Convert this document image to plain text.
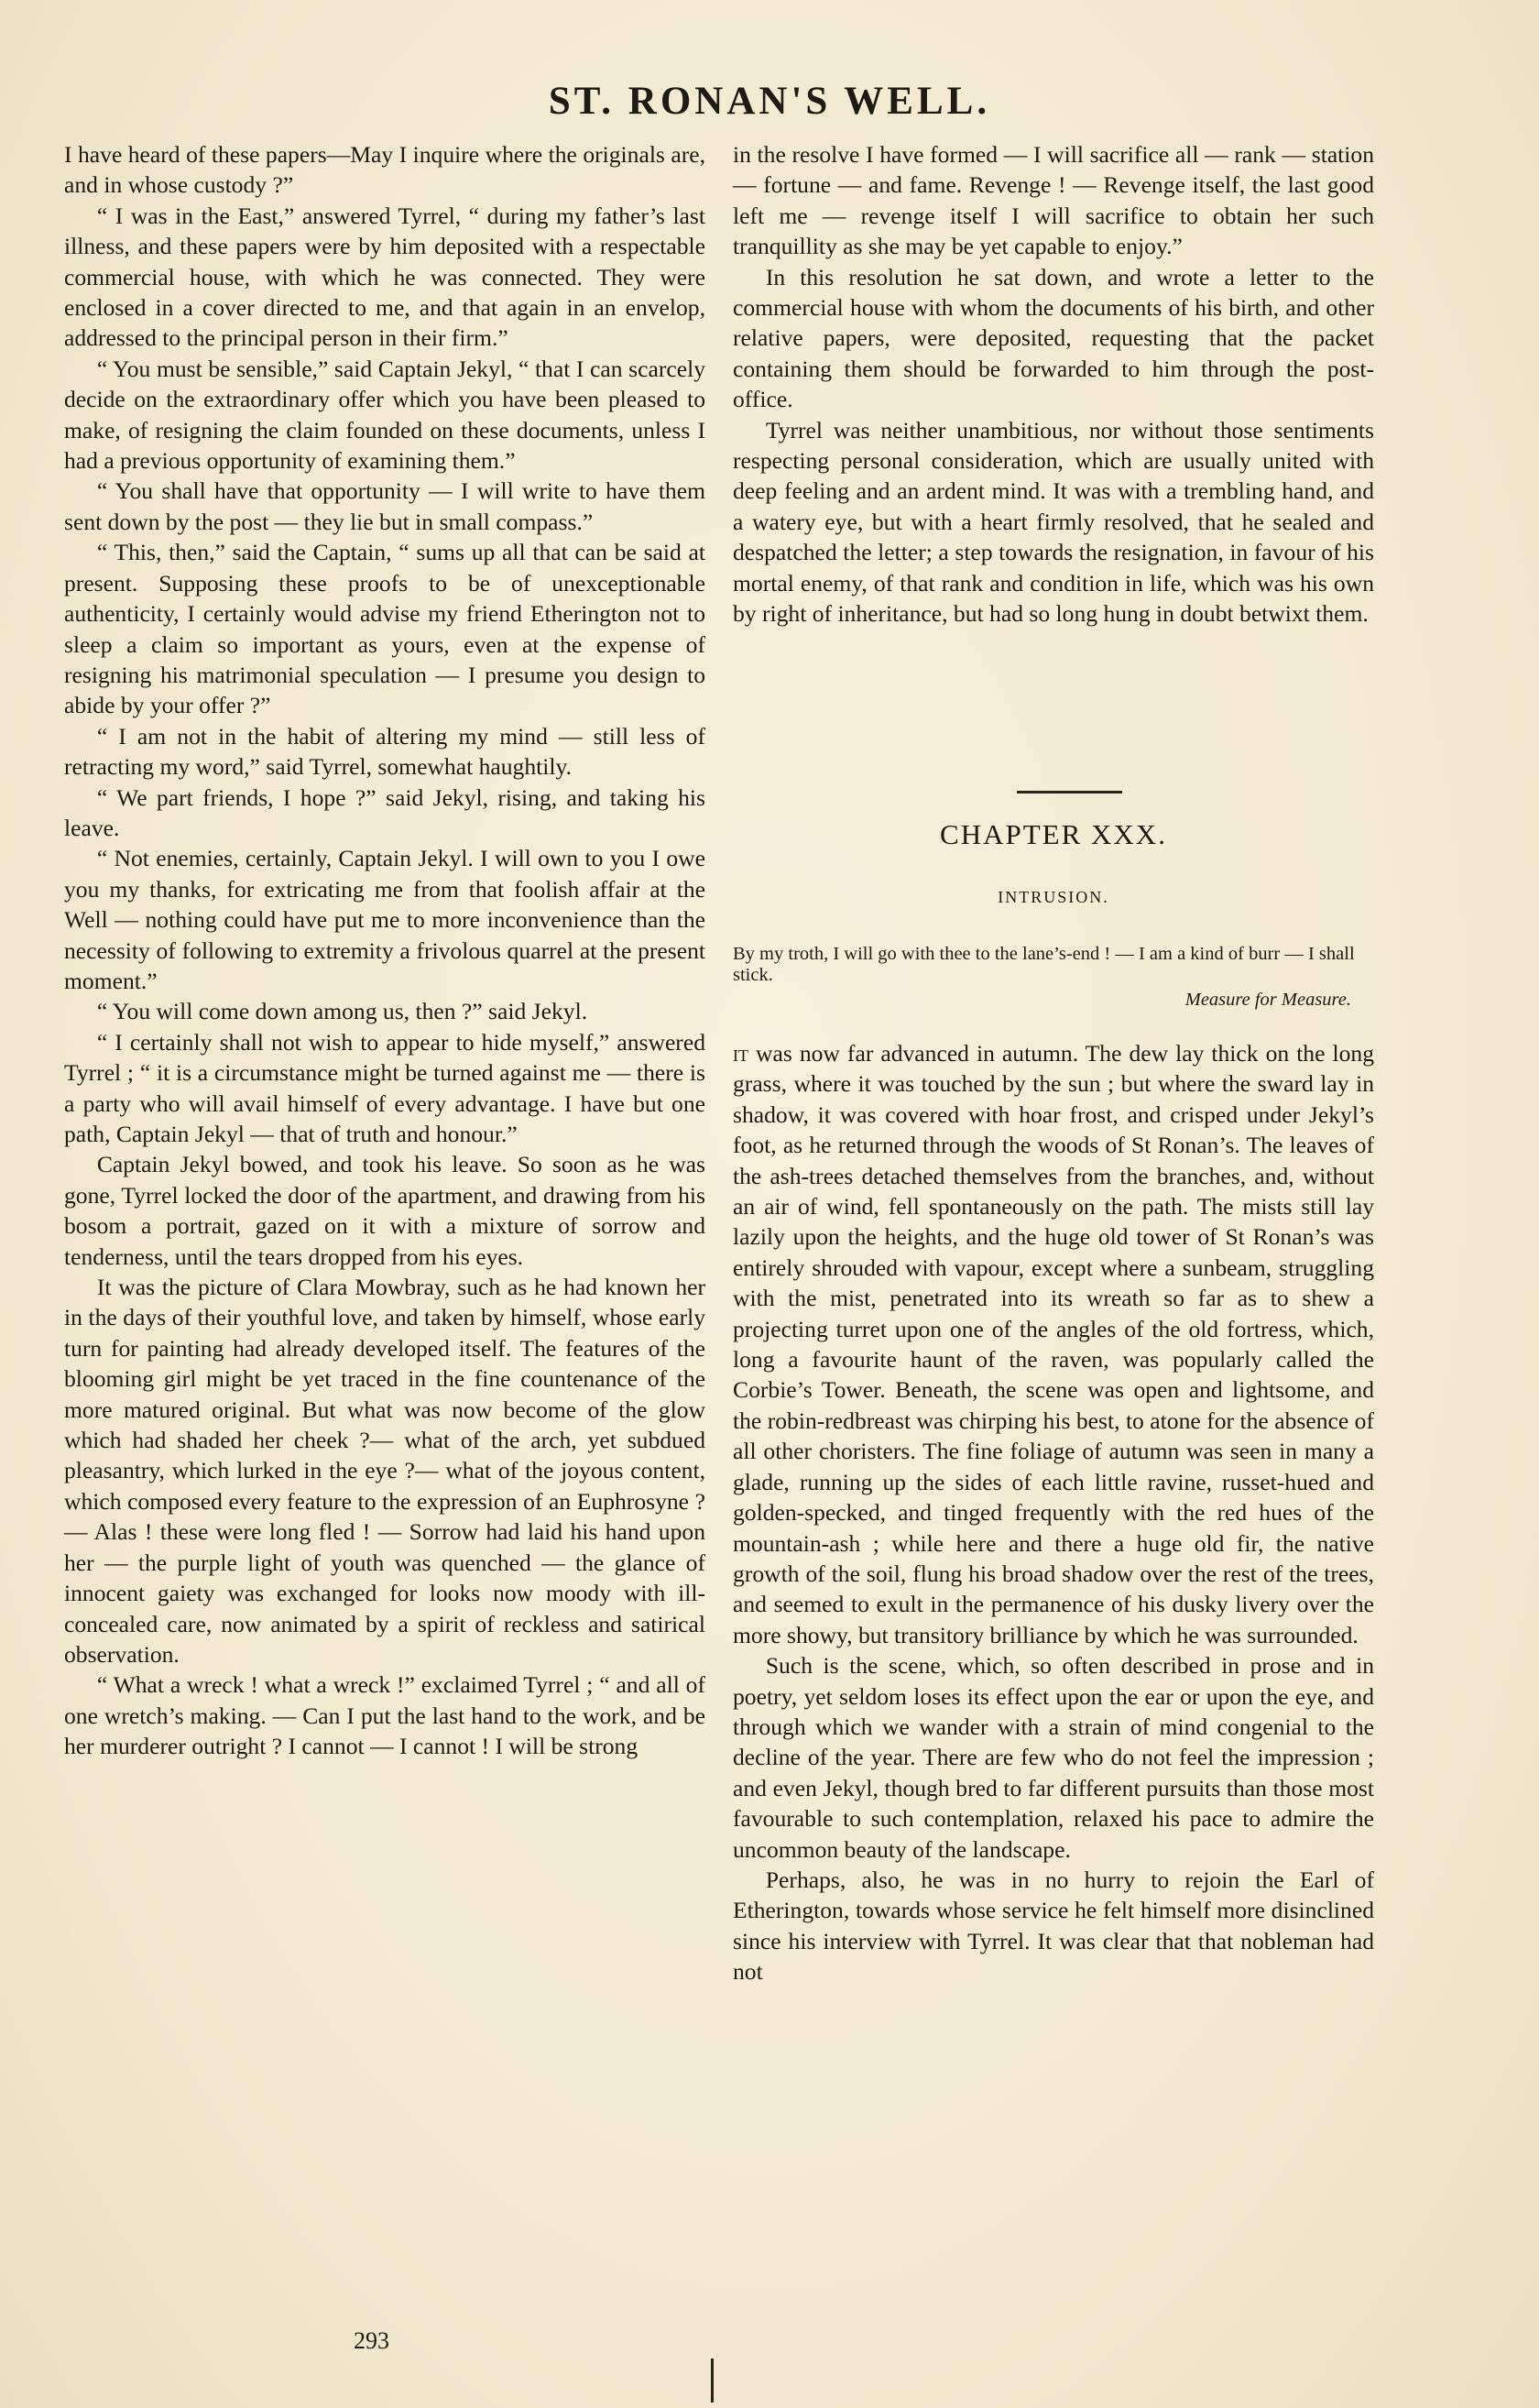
ST. RONAN'S WELL.

I have heard of these papers—May I inquire where the originals are, and in whose custody ?”

“ I was in the East,” answered Tyrrel, “ during my father’s last illness, and these papers were by him deposited with a respectable commercial house, with which he was connected. They were enclosed in a cover directed to me, and that again in an envelop, addressed to the principal person in their firm.”

“ You must be sensible,” said Captain Jekyl, “ that I can scarcely decide on the extraordinary offer which you have been pleased to make, of resigning the claim founded on these documents, unless I had a previous opportunity of examining them.”

“ You shall have that opportunity — I will write to have them sent down by the post — they lie but in small compass.”

“ This, then,” said the Captain, “ sums up all that can be said at present. Supposing these proofs to be of unexceptionable authenticity, I certainly would advise my friend Etherington not to sleep a claim so important as yours, even at the expense of resigning his matrimonial speculation — I presume you design to abide by your offer ?”

“ I am not in the habit of altering my mind — still less of retracting my word,” said Tyrrel, somewhat haughtily.

“ We part friends, I hope ?” said Jekyl, rising, and taking his leave.

“ Not enemies, certainly, Captain Jekyl. I will own to you I owe you my thanks, for extricating me from that foolish affair at the Well — nothing could have put me to more inconvenience than the necessity of following to extremity a frivolous quarrel at the present moment.”

“ You will come down among us, then ?” said Jekyl.

“ I certainly shall not wish to appear to hide myself,” answered Tyrrel ; “ it is a circumstance might be turned against me — there is a party who will avail himself of every advantage. I have but one path, Captain Jekyl — that of truth and honour.”

Captain Jekyl bowed, and took his leave. So soon as he was gone, Tyrrel locked the door of the apartment, and drawing from his bosom a portrait, gazed on it with a mixture of sorrow and tenderness, until the tears dropped from his eyes.

It was the picture of Clara Mowbray, such as he had known her in the days of their youthful love, and taken by himself, whose early turn for painting had already developed itself. The features of the blooming girl might be yet traced in the fine countenance of the more matured original. But what was now become of the glow which had shaded her cheek ?— what of the arch, yet subdued pleasantry, which lurked in the eye ?— what of the joyous content, which composed every feature to the expression of an Euphrosyne ? — Alas ! these were long fled ! — Sorrow had laid his hand upon her — the purple light of youth was quenched — the glance of innocent gaiety was exchanged for looks now moody with ill-concealed care, now animated by a spirit of reckless and satirical observation.

“ What a wreck ! what a wreck !” exclaimed Tyrrel ; “ and all of one wretch’s making. — Can I put the last hand to the work, and be her murderer outright ? I cannot — I cannot ! I will be strong

in the resolve I have formed — I will sacrifice all — rank — station — fortune — and fame. Revenge ! — Revenge itself, the last good left me — revenge itself I will sacrifice to obtain her such tranquillity as she may be yet capable to enjoy.”

In this resolution he sat down, and wrote a letter to the commercial house with whom the documents of his birth, and other relative papers, were deposited, requesting that the packet containing them should be forwarded to him through the post-office.

Tyrrel was neither unambitious, nor without those sentiments respecting personal consideration, which are usually united with deep feeling and an ardent mind. It was with a trembling hand, and a watery eye, but with a heart firmly resolved, that he sealed and despatched the letter; a step towards the resignation, in favour of his mortal enemy, of that rank and condition in life, which was his own by right of inheritance, but had so long hung in doubt betwixt them.

CHAPTER XXX.
INTRUSION.
By my troth, I will go with thee to the lane’s-end ! — I am a kind of burr — I shall stick.
Measure for Measure.

it was now far advanced in autumn. The dew lay thick on the long grass, where it was touched by the sun ; but where the sward lay in shadow, it was covered with hoar frost, and crisped under Jekyl’s foot, as he returned through the woods of St Ronan’s. The leaves of the ash-trees detached themselves from the branches, and, without an air of wind, fell spontaneously on the path. The mists still lay lazily upon the heights, and the huge old tower of St Ronan’s was entirely shrouded with vapour, except where a sunbeam, struggling with the mist, penetrated into its wreath so far as to shew a projecting turret upon one of the angles of the old fortress, which, long a favourite haunt of the raven, was popularly called the Corbie’s Tower. Beneath, the scene was open and lightsome, and the robin-redbreast was chirping his best, to atone for the absence of all other choristers. The fine foliage of autumn was seen in many a glade, running up the sides of each little ravine, russet-hued and golden-specked, and tinged frequently with the red hues of the mountain-ash ; while here and there a huge old fir, the native growth of the soil, flung his broad shadow over the rest of the trees, and seemed to exult in the permanence of his dusky livery over the more showy, but transitory brilliance by which he was surrounded.

Such is the scene, which, so often described in prose and in poetry, yet seldom loses its effect upon the ear or upon the eye, and through which we wander with a strain of mind congenial to the decline of the year. There are few who do not feel the impression ; and even Jekyl, though bred to far different pursuits than those most favourable to such contemplation, relaxed his pace to admire the uncommon beauty of the landscape.

Perhaps, also, he was in no hurry to rejoin the Earl of Etherington, towards whose service he felt himself more disinclined since his interview with Tyrrel. It was clear that that nobleman had not

293
